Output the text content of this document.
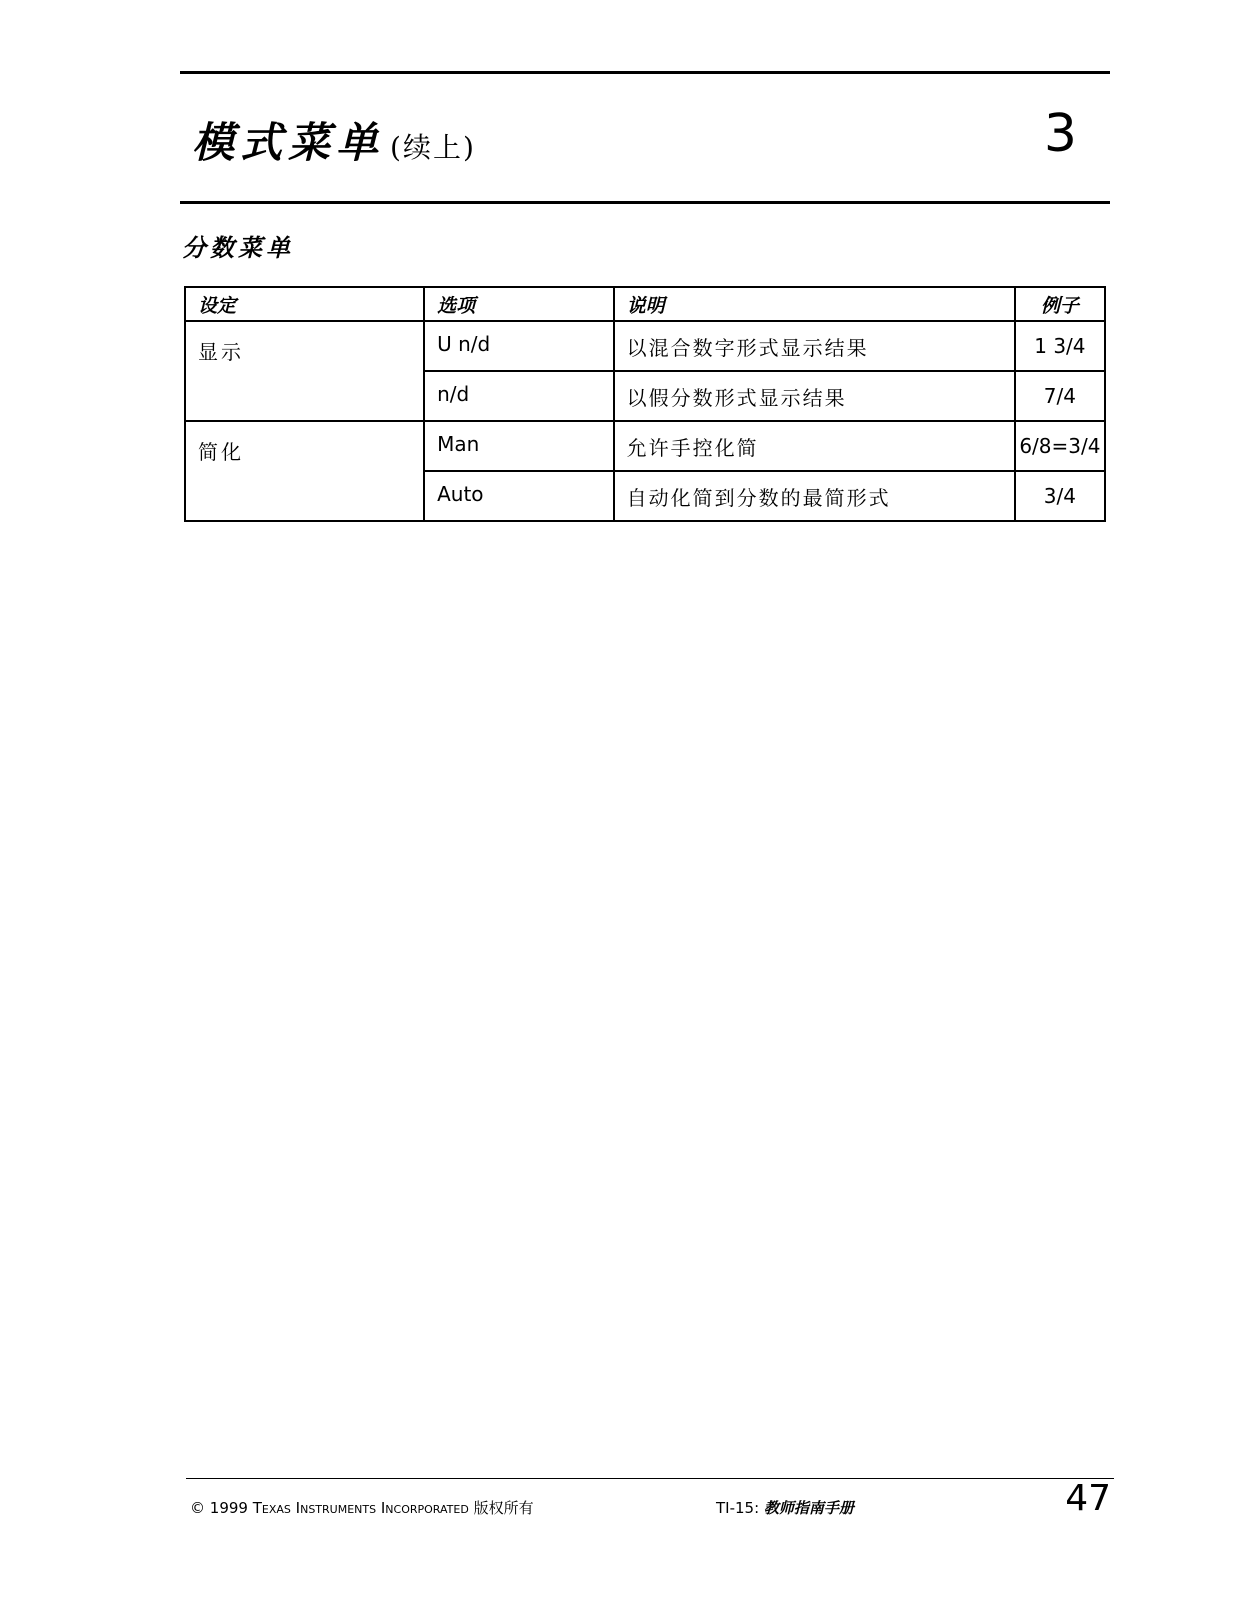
模式菜单 (续上)	3
分数菜单
设定	选项	说明	例子
显示	U n/d	以混合数字形式显示结果	1 3/4
	n/d	以假分数形式显示结果	7/4
简化	Man	允许手控化简	6/8=3/4
	Auto	自动化简到分数的最简形式	3/4
© 1999 Texas Instruments Incorporated 版权所有	TI-15: 教师指南手册	47
